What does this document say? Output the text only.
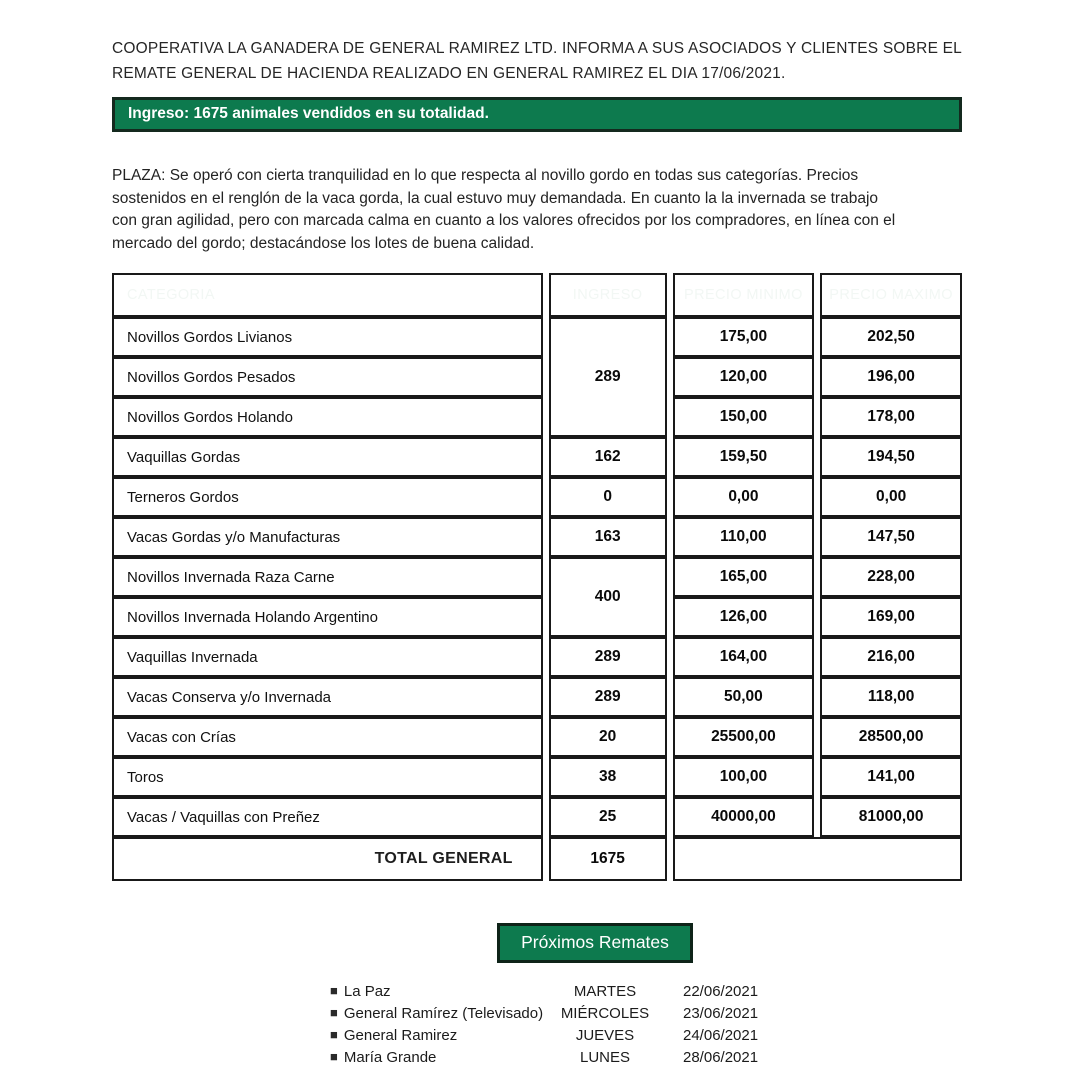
COOPERATIVA LA GANADERA DE GENERAL RAMIREZ LTD. INFORMA A SUS ASOCIADOS Y CLIENTES SOBRE EL REMATE GENERAL DE HACIENDA REALIZADO EN GENERAL RAMIREZ EL DIA 17/06/2021.

Ingreso: 1675 animales vendidos en su totalidad.

PLAZA: Se operó con cierta tranquilidad en lo que respecta al novillo gordo en todas sus categorías. Precios sostenidos en el renglón de la vaca gorda, la cual estuvo muy demandada. En cuanto la la invernada se trabajo con gran agilidad, pero con marcada calma en cuanto a los valores ofrecidos por los compradores, en línea con el mercado del gordo; destacándose los lotes de buena calidad.

CATEGORIA	INGRESO	PRECIO MINIMO	PRECIO MAXIMO
Novillos Gordos Livianos	289	175,00	202,50
Novillos Gordos Pesados		120,00	196,00
Novillos Gordos Holando		150,00	178,00
Vaquillas Gordas	162	159,50	194,50
Terneros Gordos	0	0,00	0,00
Vacas Gordas y/o Manufacturas	163	110,00	147,50
Novillos Invernada Raza Carne	400	165,00	228,00
Novillos Invernada Holando Argentino		126,00	169,00
Vaquillas Invernada	289	164,00	216,00
Vacas Conserva y/o Invernada	289	50,00	118,00
Vacas con Crías	20	25500,00	28500,00
Toros	38	100,00	141,00
Vacas / Vaquillas con Preñez	25	40000,00	81000,00
TOTAL GENERAL	1675		
Próximos Remates
■ La Paz	MARTES	22/06/2021
■ General Ramírez (Televisado)	MIÉRCOLES	23/06/2021
■ General Ramirez	JUEVES	24/06/2021
■ María Grande	LUNES	28/06/2021
